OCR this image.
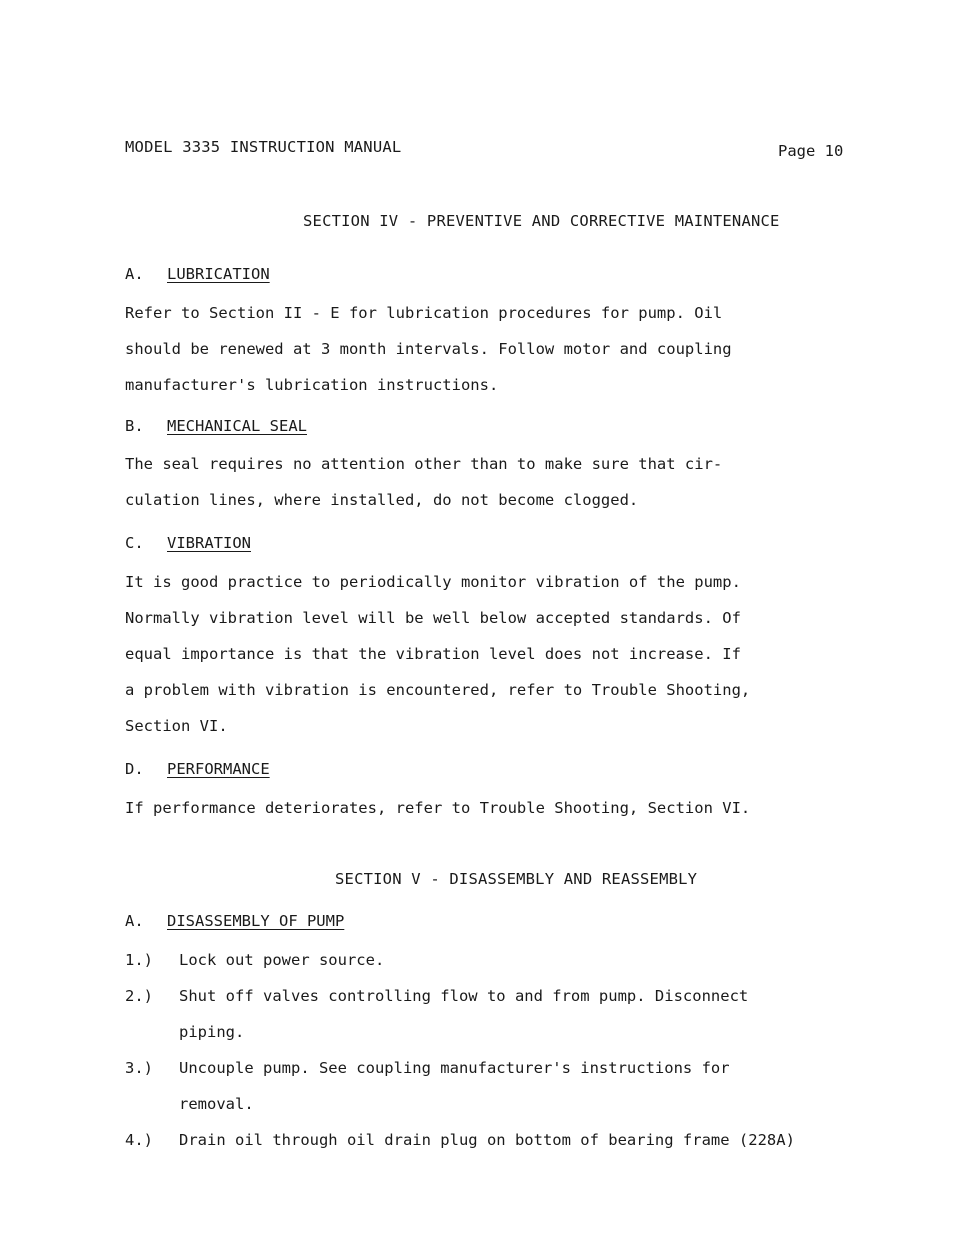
MODEL 3335 INSTRUCTION MANUAL	Page 10
SECTION IV - PREVENTIVE AND CORRECTIVE MAINTENANCE
A. LUBRICATION
Refer to Section II - E for lubrication procedures for pump. Oil
should be renewed at 3 month intervals. Follow motor and coupling
manufacturer's lubrication instructions.
B. MECHANICAL SEAL
The seal requires no attention other than to make sure that cir-
culation lines, where installed, do not become clogged.
C. VIBRATION
It is good practice to periodically monitor vibration of the pump.
Normally vibration level will be well below accepted standards. Of
equal importance is that the vibration level does not increase. If
a problem with vibration is encountered, refer to Trouble Shooting,
Section VI.
D. PERFORMANCE
If performance deteriorates, refer to Trouble Shooting, Section VI.
SECTION V - DISASSEMBLY AND REASSEMBLY
A. DISASSEMBLY OF PUMP
1.) Lock out power source.
2.) Shut off valves controlling flow to and from pump. Disconnect
piping.
3.) Uncouple pump. See coupling manufacturer's instructions for
removal.
4.) Drain oil through oil drain plug on bottom of bearing frame (228A)
